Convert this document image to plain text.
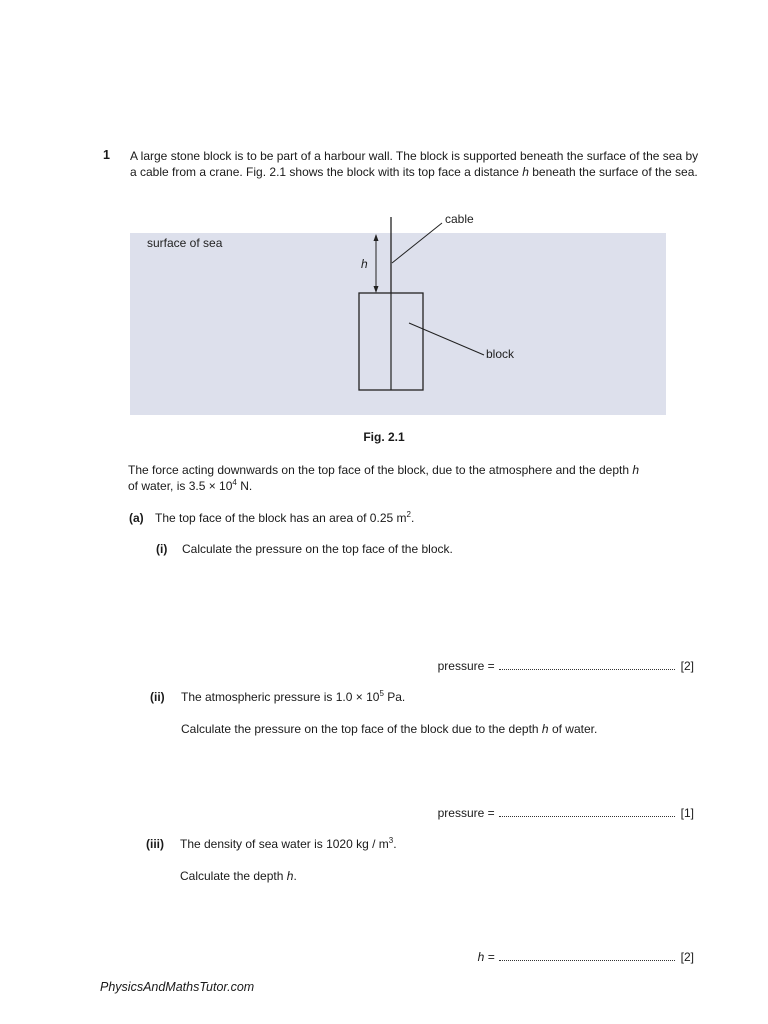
1 A large stone block is to be part of a harbour wall. The block is supported beneath the surface of the sea by a cable from a crane. Fig. 2.1 shows the block with its top face a distance h beneath the surface of the sea.
surface of sea
cable
h
block
Fig. 2.1
The force acting downwards on the top face of the block, due to the atmosphere and the depth h
of water, is $3.5 \times 10^4$ N.
(a) The top face of the block has an area of 0.25 $m^2$.
(i) Calculate the pressure on the top face of the block.
pressure =	[2]
(ii) The atmospheric pressure is $1.0 \times 10^5$ Pa.
Calculate the pressure on the top face of the block due to the depth h of water.
pressure =	[1]
(iii) The density of sea water is 1020 kg / $m^3$.
Calculate the depth h.
h =	[2]
PhysicsAndMathsTutor.com
